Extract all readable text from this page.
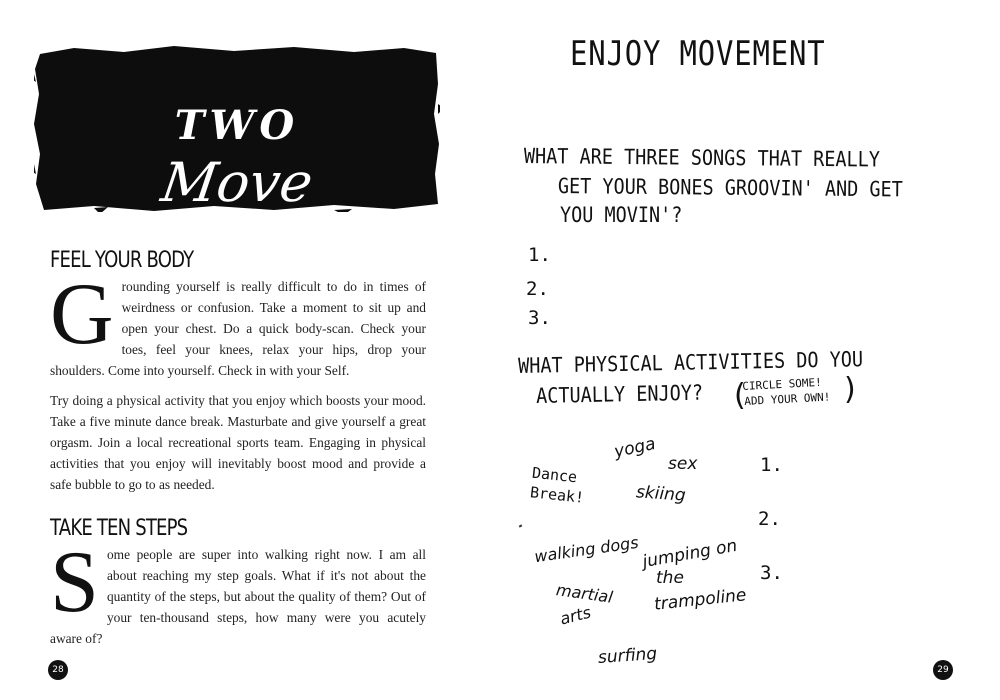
TWO
Move
FEEL YOUR BODY

Grounding yourself is really difficult to do in times of weirdness or confusion. Take a moment to sit up and open your chest. Do a quick body-scan. Check your toes, feel your knees, relax your hips, drop your shoulders. Come into yourself. Check in with your Self.

Try doing a physical activity that you enjoy which boosts your mood. Take a five minute dance break. Masturbate and give yourself a great orgasm. Join a local recreational sports team. Engaging in physical activities that you enjoy will inevitably boost mood and provide a safe bubble to go to as needed.

TAKE TEN STEPS

Some people are super into walking right now. I am all about reaching my step goals. What if it's not about the quantity of the steps, but about the quality of them? Out of your ten-thousand steps, how many were you acutely aware of?

28
ENJOY MOVEMENT
WHAT ARE THREE SONGS THAT REALLY
GET YOUR BONES GROOVIN' AND GET
YOU MOVIN'?
1.
2.
3.
WHAT PHYSICAL ACTIVITIES DO YOU
ACTUALLY ENJOY? (
CIRCLE SOME!
ADD YOUR OWN! )
Dance
Break!
yoga
sex
skiing
walking dogs jumping on
the
trampoline
martial
arts
surfing
1.
2.
3.
29
